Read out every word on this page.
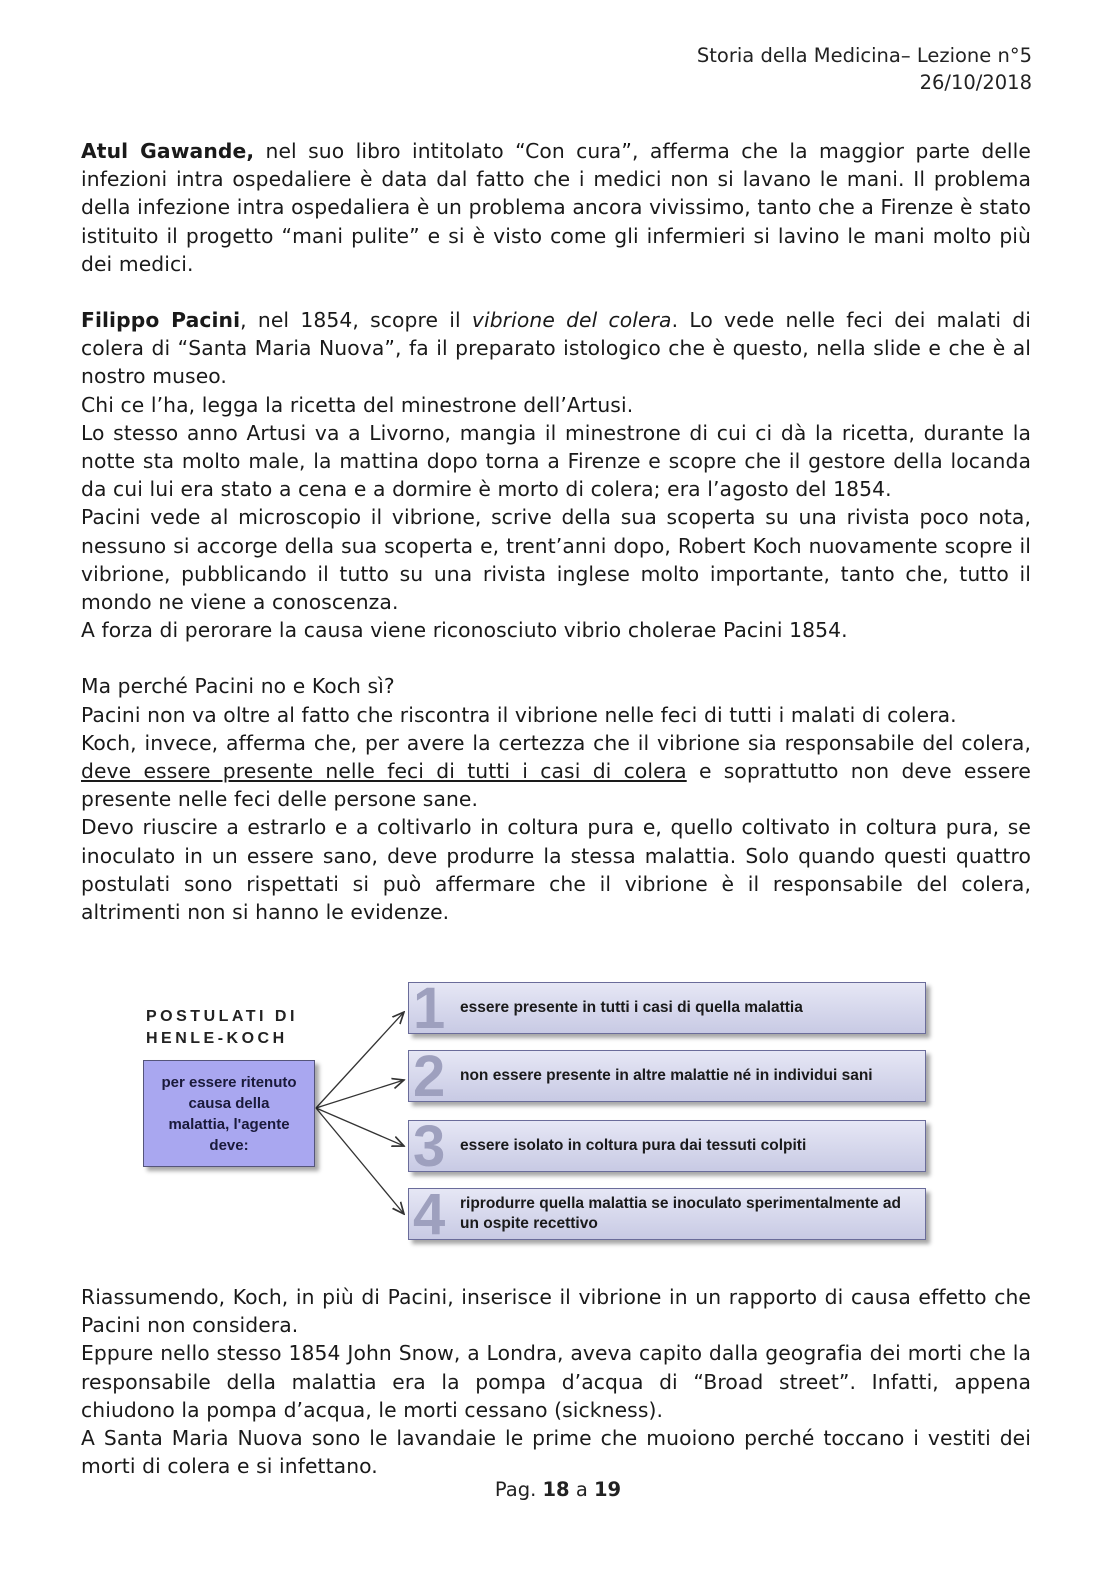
Storia della Medicina– Lezione n°5
26/10/2018

Atul Gawande, nel suo libro intitolato “Con cura”, afferma che la maggior parte delle infezioni intra ospedaliere è data dal fatto che i medici non si lavano le mani. Il problema della infezione intra ospedaliera è un problema ancora vivissimo, tanto che a Firenze è stato istituito il progetto “mani pulite” e si è visto come gli infermieri si lavino le mani molto più dei medici.

Filippo Pacini, nel 1854, scopre il vibrione del colera. Lo vede nelle feci dei malati di colera di “Santa Maria Nuova”, fa il preparato istologico che è questo, nella slide e che è al nostro museo.

Chi ce l’ha, legga la ricetta del minestrone dell’Artusi.

Lo stesso anno Artusi va a Livorno, mangia il minestrone di cui ci dà la ricetta, durante la notte sta molto male, la mattina dopo torna a Firenze e scopre che il gestore della locanda da cui lui era stato a cena e a dormire è morto di colera; era l’agosto del 1854.

Pacini vede al microscopio il vibrione, scrive della sua scoperta su una rivista poco nota, nessuno si accorge della sua scoperta e, trent’anni dopo, Robert Koch nuovamente scopre il vibrione, pubblicando il tutto su una rivista inglese molto importante, tanto che, tutto il mondo ne viene a conoscenza.

A forza di perorare la causa viene riconosciuto vibrio cholerae Pacini 1854.

Ma perché Pacini no e Koch sì?

Pacini non va oltre al fatto che riscontra il vibrione nelle feci di tutti i malati di colera.

Koch, invece, afferma che, per avere la certezza che il vibrione sia responsabile del colera, deve essere presente nelle feci di tutti i casi di colera e soprattutto non deve essere presente nelle feci delle persone sane.

Devo riuscire a estrarlo e a coltivarlo in coltura pura e, quello coltivato in coltura pura, se inoculato in un essere sano, deve produrre la stessa malattia. Solo quando questi quattro postulati sono rispettati si può affermare che il vibrione è il responsabile del colera, altrimenti non si hanno le evidenze.

POSTULATI DI
HENLE-KOCH
per essere ritenuto causa della malattia, l'agente deve:
1 essere presente in tutti i casi di quella malattia
2 non essere presente in altre malattie né in individui sani
3 essere isolato in coltura pura dai tessuti colpiti
4 riprodurre quella malattia se inoculato sperimentalmente ad un ospite recettivo

Riassumendo, Koch, in più di Pacini, inserisce il vibrione in un rapporto di causa effetto che Pacini non considera.

Eppure nello stesso 1854 John Snow, a Londra, aveva capito dalla geografia dei morti che la responsabile della malattia era la pompa d’acqua di “Broad street”. Infatti, appena chiudono la pompa d’acqua, le morti cessano (sickness).

A Santa Maria Nuova sono le lavandaie le prime che muoiono perché toccano i vestiti dei morti di colera e si infettano.

Pag. 18 a 19
